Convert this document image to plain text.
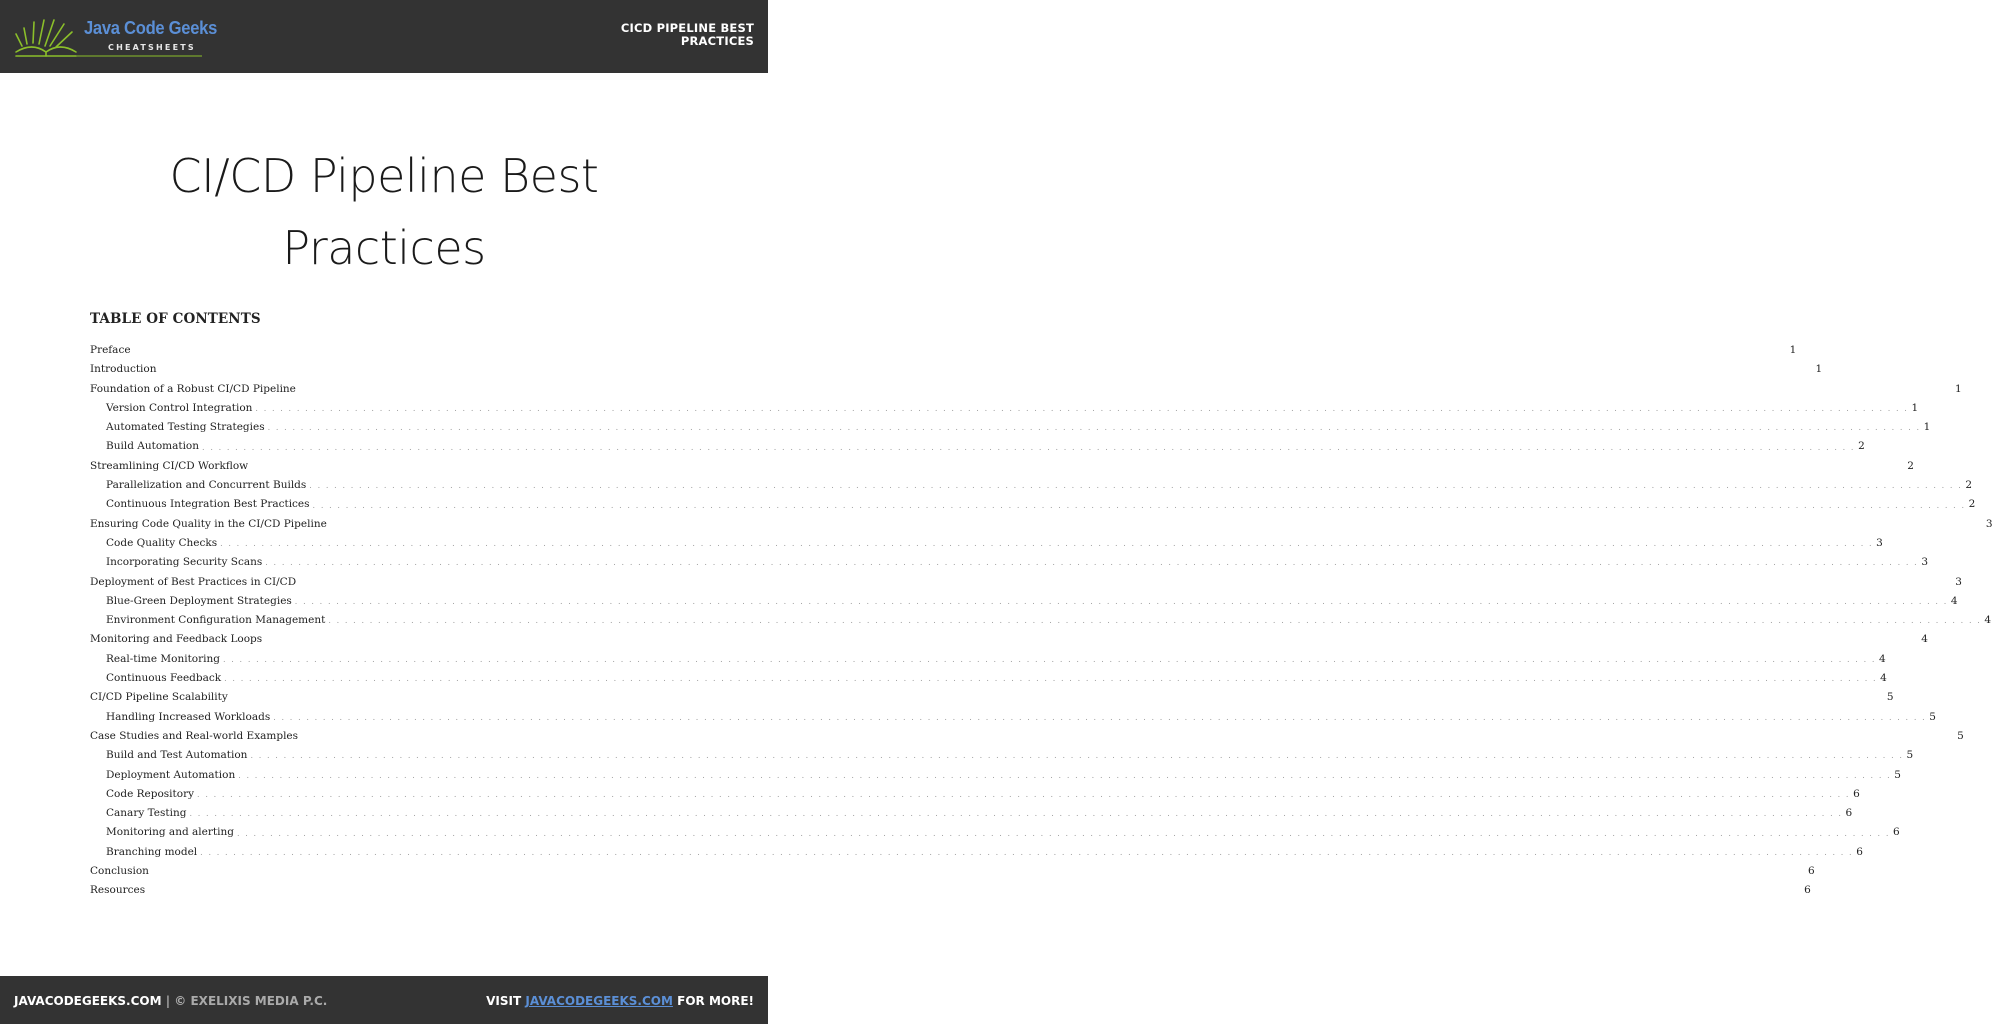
Java Code Geeks
CHEATSHEETS
CICD PIPELINE BEST
PRACTICES
CI/CD Pipeline Best
Practices
TABLE OF CONTENTS
Preface	1
Introduction	1
Foundation of a Robust CI/CD Pipeline	1
Version Control Integration . . . . . . . . . . . . . . . . . . . . . . . . . . . . . . . . . . . . . . . . . . . . . . . . . . . . . . . . . . . . . . . . . . . . . . . . . . . . . . . . . . . . . . . . . . . . . . . . . . . . . . . . . . . . . . . . . . . . . . . . . . . . . . . . . . . . . . . . . . . . . . . . . . . . . . . . . . . . . . . . . . . . . . . . . . . . . . . . . . . . . . . . . . . . . . . . . . . . . . . . 1
Automated Testing Strategies . . . . . . . . . . . . . . . . . . . . . . . . . . . . . . . . . . . . . . . . . . . . . . . . . . . . . . . . . . . . . . . . . . . . . . . . . . . . . . . . . . . . . . . . . . . . . . . . . . . . . . . . . . . . . . . . . . . . . . . . . . . . . . . . . . . . . . . . . . . . . . . . . . . . . . . . . . . . . . . . . . . . . . . . . . . . . . . . . . . . . . . . . . . . . . . . . . . . . . . . 1
Build Automation . . . . . . . . . . . . . . . . . . . . . . . . . . . . . . . . . . . . . . . . . . . . . . . . . . . . . . . . . . . . . . . . . . . . . . . . . . . . . . . . . . . . . . . . . . . . . . . . . . . . . . . . . . . . . . . . . . . . . . . . . . . . . . . . . . . . . . . . . . . . . . . . . . . . . . . . . . . . . . . . . . . . . . . . . . . . . . . . . . . . . . . . . . . . . . . . . . . . . . . . 2
Streamlining CI/CD Workflow	2
Parallelization and Concurrent Builds . . . . . . . . . . . . . . . . . . . . . . . . . . . . . . . . . . . . . . . . . . . . . . . . . . . . . . . . . . . . . . . . . . . . . . . . . . . . . . . . . . . . . . . . . . . . . . . . . . . . . . . . . . . . . . . . . . . . . . . . . . . . . . . . . . . . . . . . . . . . . . . . . . . . . . . . . . . . . . . . . . . . . . . . . . . . . . . . . . . . . . . . . . . . . . . . . . . . . . . . 2
Continuous Integration Best Practices . . . . . . . . . . . . . . . . . . . . . . . . . . . . . . . . . . . . . . . . . . . . . . . . . . . . . . . . . . . . . . . . . . . . . . . . . . . . . . . . . . . . . . . . . . . . . . . . . . . . . . . . . . . . . . . . . . . . . . . . . . . . . . . . . . . . . . . . . . . . . . . . . . . . . . . . . . . . . . . . . . . . . . . . . . . . . . . . . . . . . . . . . . . . . . . . . . . . . . . . 2
Ensuring Code Quality in the CI/CD Pipeline	3
Code Quality Checks . . . . . . . . . . . . . . . . . . . . . . . . . . . . . . . . . . . . . . . . . . . . . . . . . . . . . . . . . . . . . . . . . . . . . . . . . . . . . . . . . . . . . . . . . . . . . . . . . . . . . . . . . . . . . . . . . . . . . . . . . . . . . . . . . . . . . . . . . . . . . . . . . . . . . . . . . . . . . . . . . . . . . . . . . . . . . . . . . . . . . . . . . . . . . . . . . . . . . . . . 3
Incorporating Security Scans . . . . . . . . . . . . . . . . . . . . . . . . . . . . . . . . . . . . . . . . . . . . . . . . . . . . . . . . . . . . . . . . . . . . . . . . . . . . . . . . . . . . . . . . . . . . . . . . . . . . . . . . . . . . . . . . . . . . . . . . . . . . . . . . . . . . . . . . . . . . . . . . . . . . . . . . . . . . . . . . . . . . . . . . . . . . . . . . . . . . . . . . . . . . . . . . . . . . . . . . 3
Deployment of Best Practices in CI/CD	3
Blue-Green Deployment Strategies . . . . . . . . . . . . . . . . . . . . . . . . . . . . . . . . . . . . . . . . . . . . . . . . . . . . . . . . . . . . . . . . . . . . . . . . . . . . . . . . . . . . . . . . . . . . . . . . . . . . . . . . . . . . . . . . . . . . . . . . . . . . . . . . . . . . . . . . . . . . . . . . . . . . . . . . . . . . . . . . . . . . . . . . . . . . . . . . . . . . . . . . . . . . . . . . . . . . . . . . 4
Environment Configuration Management . . . . . . . . . . . . . . . . . . . . . . . . . . . . . . . . . . . . . . . . . . . . . . . . . . . . . . . . . . . . . . . . . . . . . . . . . . . . . . . . . . . . . . . . . . . . . . . . . . . . . . . . . . . . . . . . . . . . . . . . . . . . . . . . . . . . . . . . . . . . . . . . . . . . . . . . . . . . . . . . . . . . . . . . . . . . . . . . . . . . . . . . . . . . . . . . . . . . . . . . 4
Monitoring and Feedback Loops	4
Real-time Monitoring . . . . . . . . . . . . . . . . . . . . . . . . . . . . . . . . . . . . . . . . . . . . . . . . . . . . . . . . . . . . . . . . . . . . . . . . . . . . . . . . . . . . . . . . . . . . . . . . . . . . . . . . . . . . . . . . . . . . . . . . . . . . . . . . . . . . . . . . . . . . . . . . . . . . . . . . . . . . . . . . . . . . . . . . . . . . . . . . . . . . . . . . . . . . . . . . . . . . . . . . 4
Continuous Feedback . . . . . . . . . . . . . . . . . . . . . . . . . . . . . . . . . . . . . . . . . . . . . . . . . . . . . . . . . . . . . . . . . . . . . . . . . . . . . . . . . . . . . . . . . . . . . . . . . . . . . . . . . . . . . . . . . . . . . . . . . . . . . . . . . . . . . . . . . . . . . . . . . . . . . . . . . . . . . . . . . . . . . . . . . . . . . . . . . . . . . . . . . . . . . . . . . . . . . . . . 4
CI/CD Pipeline Scalability	5
Handling Increased Workloads . . . . . . . . . . . . . . . . . . . . . . . . . . . . . . . . . . . . . . . . . . . . . . . . . . . . . . . . . . . . . . . . . . . . . . . . . . . . . . . . . . . . . . . . . . . . . . . . . . . . . . . . . . . . . . . . . . . . . . . . . . . . . . . . . . . . . . . . . . . . . . . . . . . . . . . . . . . . . . . . . . . . . . . . . . . . . . . . . . . . . . . . . . . . . . . . . . . . . . . . 5
Case Studies and Real-world Examples	5
Build and Test Automation . . . . . . . . . . . . . . . . . . . . . . . . . . . . . . . . . . . . . . . . . . . . . . . . . . . . . . . . . . . . . . . . . . . . . . . . . . . . . . . . . . . . . . . . . . . . . . . . . . . . . . . . . . . . . . . . . . . . . . . . . . . . . . . . . . . . . . . . . . . . . . . . . . . . . . . . . . . . . . . . . . . . . . . . . . . . . . . . . . . . . . . . . . . . . . . . . . . . . . . . 5
Deployment Automation . . . . . . . . . . . . . . . . . . . . . . . . . . . . . . . . . . . . . . . . . . . . . . . . . . . . . . . . . . . . . . . . . . . . . . . . . . . . . . . . . . . . . . . . . . . . . . . . . . . . . . . . . . . . . . . . . . . . . . . . . . . . . . . . . . . . . . . . . . . . . . . . . . . . . . . . . . . . . . . . . . . . . . . . . . . . . . . . . . . . . . . . . . . . . . . . . . . . . . . . 5
Code Repository . . . . . . . . . . . . . . . . . . . . . . . . . . . . . . . . . . . . . . . . . . . . . . . . . . . . . . . . . . . . . . . . . . . . . . . . . . . . . . . . . . . . . . . . . . . . . . . . . . . . . . . . . . . . . . . . . . . . . . . . . . . . . . . . . . . . . . . . . . . . . . . . . . . . . . . . . . . . . . . . . . . . . . . . . . . . . . . . . . . . . . . . . . . . . . . . . . . . . . . . 6
Canary Testing . . . . . . . . . . . . . . . . . . . . . . . . . . . . . . . . . . . . . . . . . . . . . . . . . . . . . . . . . . . . . . . . . . . . . . . . . . . . . . . . . . . . . . . . . . . . . . . . . . . . . . . . . . . . . . . . . . . . . . . . . . . . . . . . . . . . . . . . . . . . . . . . . . . . . . . . . . . . . . . . . . . . . . . . . . . . . . . . . . . . . . . . . . . . . . . . . . . . . . . . 6
Monitoring and alerting . . . . . . . . . . . . . . . . . . . . . . . . . . . . . . . . . . . . . . . . . . . . . . . . . . . . . . . . . . . . . . . . . . . . . . . . . . . . . . . . . . . . . . . . . . . . . . . . . . . . . . . . . . . . . . . . . . . . . . . . . . . . . . . . . . . . . . . . . . . . . . . . . . . . . . . . . . . . . . . . . . . . . . . . . . . . . . . . . . . . . . . . . . . . . . . . . . . . . . . . 6
Branching model . . . . . . . . . . . . . . . . . . . . . . . . . . . . . . . . . . . . . . . . . . . . . . . . . . . . . . . . . . . . . . . . . . . . . . . . . . . . . . . . . . . . . . . . . . . . . . . . . . . . . . . . . . . . . . . . . . . . . . . . . . . . . . . . . . . . . . . . . . . . . . . . . . . . . . . . . . . . . . . . . . . . . . . . . . . . . . . . . . . . . . . . . . . . . . . . . . . . . . . . 6
Conclusion	6
Resources	6
JAVACODEGEEKS.COM | © EXELIXIS MEDIA P.C.	VISIT JAVACODEGEEKS.COM FOR MORE!
